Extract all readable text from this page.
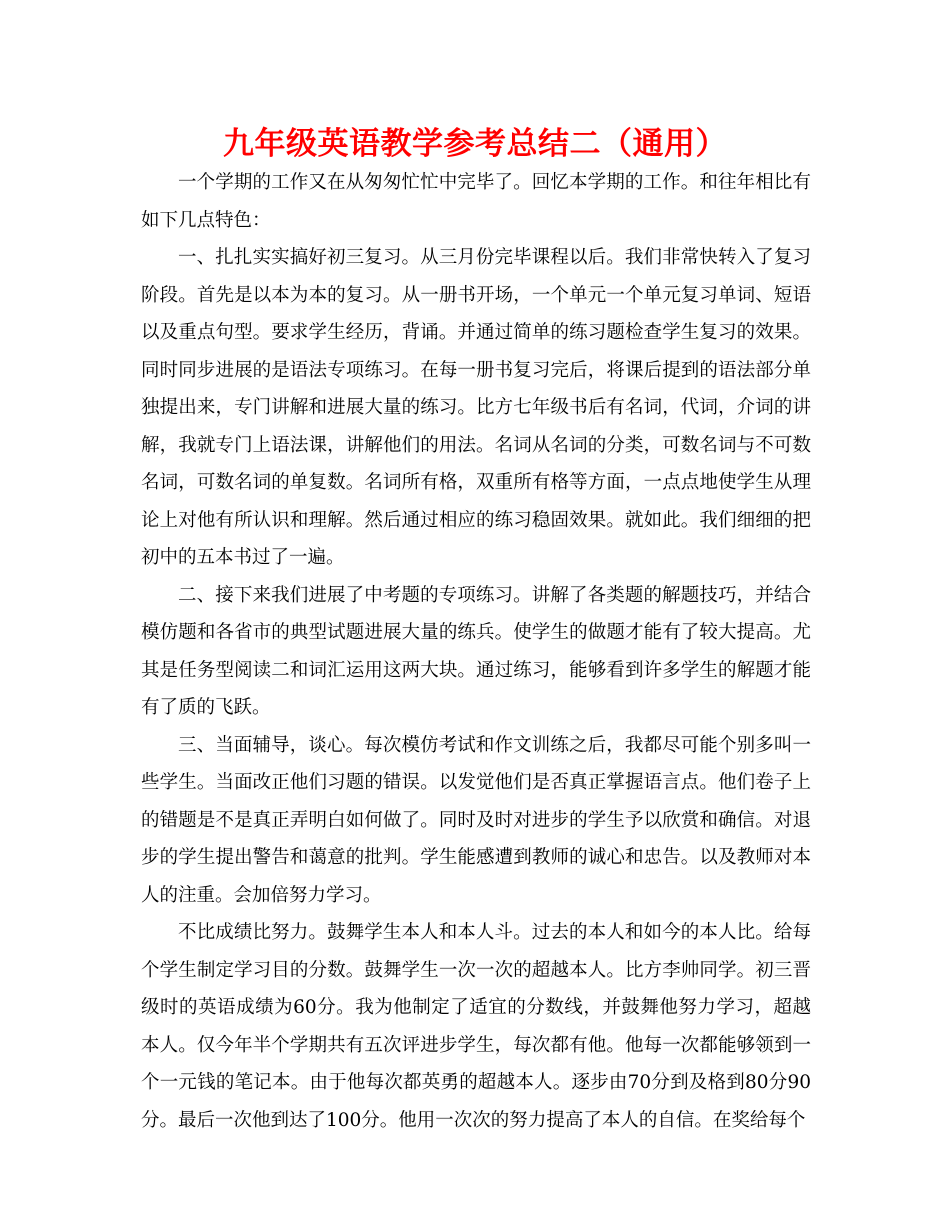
九年级英语教学参考总结二（通用）

一个学期的工作又在从匆匆忙忙中完毕了。回忆本学期的工作。和往年相比有如下几点特色：

一、扎扎实实搞好初三复习。从三月份完毕课程以后。我们非常快转入了复习阶段。首先是以本为本的复习。从一册书开场，一个单元一个单元复习单词、短语以及重点句型。要求学生经历，背诵。并通过简单的练习题检查学生复习的效果。同时同步进展的是语法专项练习。在每一册书复习完后，将课后提到的语法部分单独提出来，专门讲解和进展大量的练习。比方七年级书后有名词，代词，介词的讲解，我就专门上语法课，讲解他们的用法。名词从名词的分类，可数名词与不可数名词，可数名词的单复数。名词所有格，双重所有格等方面，一点点地使学生从理论上对他有所认识和理解。然后通过相应的练习稳固效果。就如此。我们细细的把初中的五本书过了一遍。

二、接下来我们进展了中考题的专项练习。讲解了各类题的解题技巧，并结合模仿题和各省市的典型试题进展大量的练兵。使学生的做题才能有了较大提高。尤其是任务型阅读二和词汇运用这两大块。通过练习，能够看到许多学生的解题才能有了质的飞跃。

三、当面辅导，谈心。每次模仿考试和作文训练之后，我都尽可能个别多叫一些学生。当面改正他们习题的错误。以发觉他们是否真正掌握语言点。他们卷子上的错题是不是真正弄明白如何做了。同时及时对进步的学生予以欣赏和确信。对退步的学生提出警告和蔼意的批判。学生能感遭到教师的诚心和忠告。以及教师对本人的注重。会加倍努力学习。

不比成绩比努力。鼓舞学生本人和本人斗。过去的本人和如今的本人比。给每个学生制定学习目的分数。鼓舞学生一次一次的超越本人。比方李帅同学。初三晋级时的英语成绩为60分。我为他制定了适宜的分数线，并鼓舞他努力学习，超越本人。仅今年半个学期共有五次评进步学生，每次都有他。他每一次都能够领到一个一元钱的笔记本。由于他每次都英勇的超越本人。逐步由70分到及格到80分90分。最后一次他到达了100分。他用一次次的努力提高了本人的自信。在奖给每个
